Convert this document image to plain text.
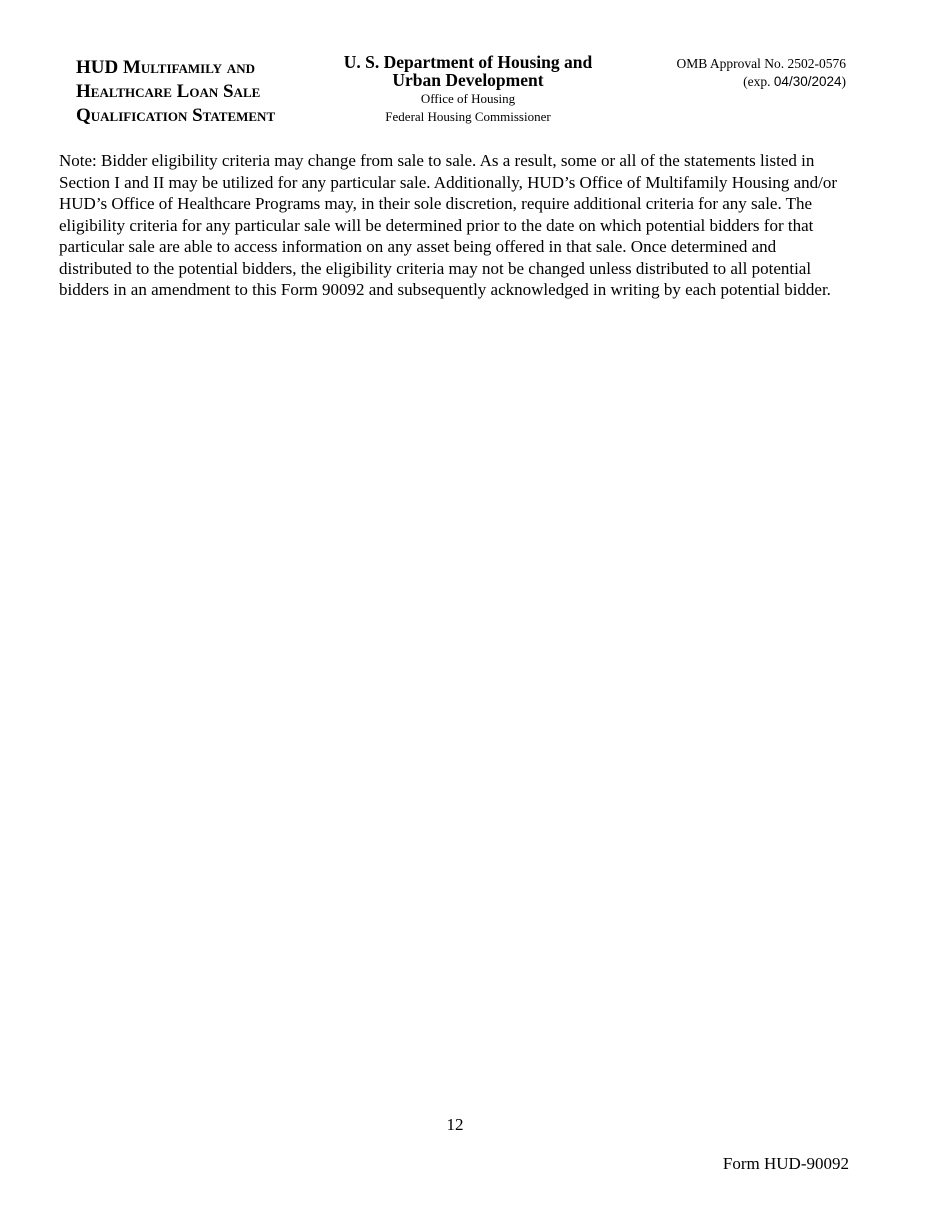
HUD Multifamily and
Healthcare Loan Sale
Qualification Statement
U. S. Department of Housing and
Urban Development
Office of Housing
Federal Housing Commissioner
OMB Approval No. 2502-0576
(exp. 04/30/2024)

Note: Bidder eligibility criteria may change from sale to sale. As a result, some or all of the statements listed in Section I and II may be utilized for any particular sale. Additionally, HUD’s Office of Multifamily Housing and/or HUD’s Office of Healthcare Programs may, in their sole discretion, require additional criteria for any sale. The eligibility criteria for any particular sale will be determined prior to the date on which potential bidders for that particular sale are able to access information on any asset being offered in that sale. Once determined and distributed to the potential bidders, the eligibility criteria may not be changed unless distributed to all potential bidders in an amendment to this Form 90092 and subsequently acknowledged in writing by each potential bidder.

12
Form HUD-90092
